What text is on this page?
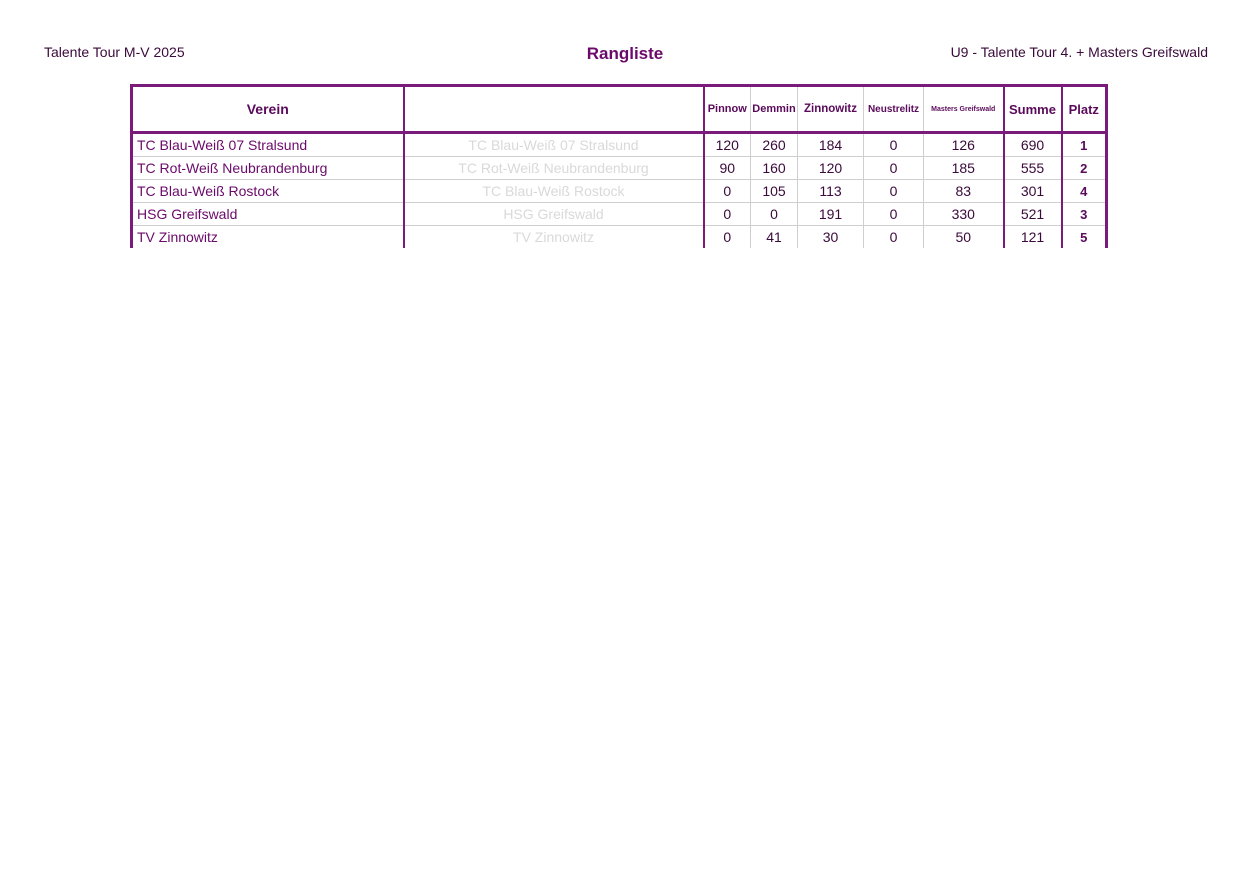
Talente Tour M-V 2025	Rangliste	U9 - Talente Tour 4. + Masters Greifswald
Verein		Pinnow	Demmin	Zinnowitz	Neustrelitz	Masters Greifswald	Summe	Platz
TC Blau-Weiß 07 Stralsund	TC Blau-Weiß 07 Stralsund	120	260	184	0	126	690	1
TC Rot-Weiß Neubrandenburg	TC Rot-Weiß Neubrandenburg	90	160	120	0	185	555	2
TC Blau-Weiß Rostock	TC Blau-Weiß Rostock	0	105	113	0	83	301	4
HSG Greifswald	HSG Greifswald	0	0	191	0	330	521	3
TV Zinnowitz	TV Zinnowitz	0	41	30	0	50	121	5
